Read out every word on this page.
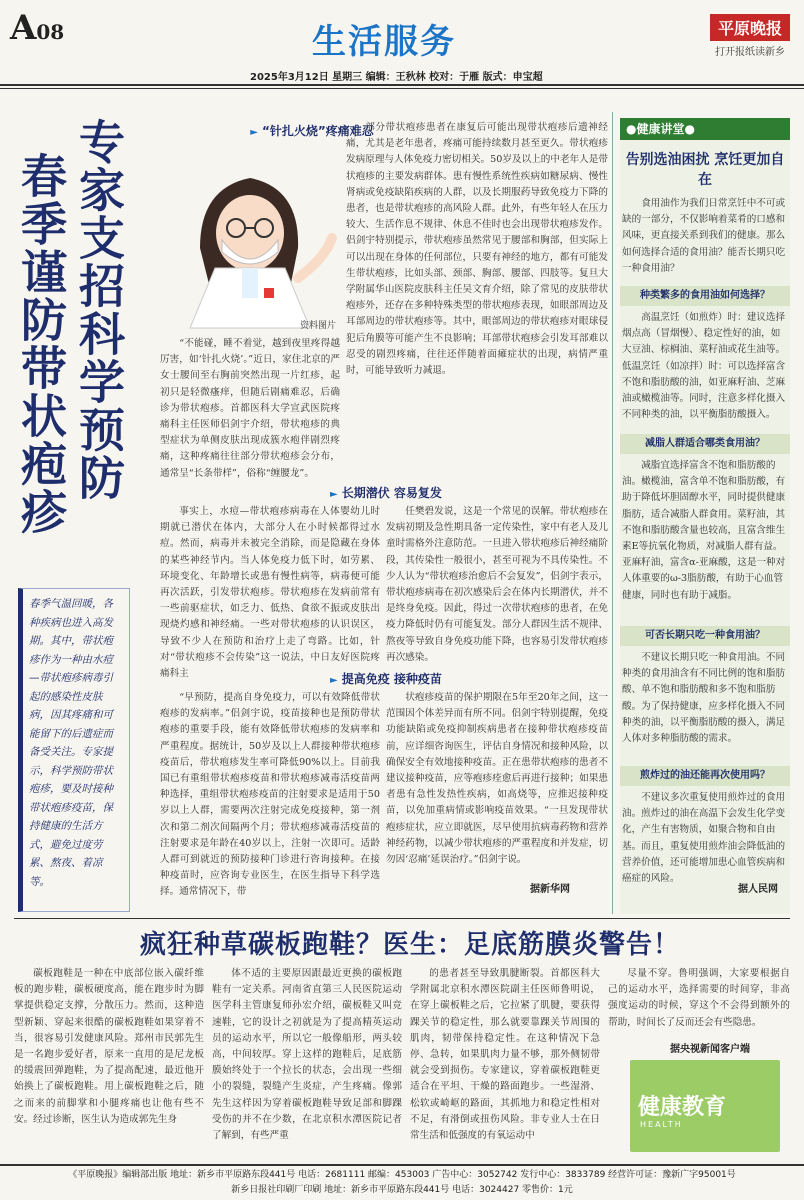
A08	生活服务	平原晚报
打开报纸读新乡
2025年3月12日 星期三 编辑：王秋林 校对：于雁 版式：申宝超
专家支招科学预防
春季谨防带状疱疹
春季气温回暖，各种疾病也进入高发期。其中，带状疱疹作为一种由水痘—带状疱疹病毒引起的感染性皮肤病，因其疼痛和可能留下的后遗症而备受关注。专家提示，科学预防带状疱疹，要及时接种带状疱疹疫苗，保持健康的生活方式，避免过度劳累、熬夜、着凉等。
► “针扎火烧”疼痛难忍
资料图片
“不能碰，睡不着觉，越到夜里疼得越厉害，如‘针扎火烧’。”近日，家住北京的严女士腰间至右胸前突然出现一片红疹，起初只是轻微瘙痒，但随后剧痛难忍，后确诊为带状疱疹。首都医科大学宣武医院疼痛科主任医师侣剑宇介绍，带状疱疹的典型症状为单侧皮肤出现成簇水疱伴剧烈疼痛，这种疼痛往往部分带状疱疹会分布，通常呈“长条带样”，俗称“缠腰龙”。
部分带状疱疹患者在康复后可能出现带状疱疹后遗神经痛，尤其是老年患者，疼痛可能持续数月甚至更久。带状疱疹发病原理与人体免疫力密切相关。50岁及以上的中老年人是带状疱疹的主要发病群体。患有慢性系统性疾病如糖尿病、慢性肾病或免疫缺陷疾病的人群，以及长期服药导致免疫力下降的患者，也是带状疱疹的高风险人群。此外，有些年轻人在压力较大、生活作息不规律、休息不佳时也会出现带状疱疹发作。侣剑宇特别提示，带状疱疹虽然常见于腰部和胸部，但实际上可以出现在身体的任何部位，只要有神经的地方，都有可能发生带状疱疹，比如头部、颈部、胸部、腰部、四肢等。复旦大学附属华山医院皮肤科主任吴文育介绍，除了常见的皮肤带状疱疹外，还存在多种特殊类型的带状疱疹表现，如眼部周边及耳部周边的带状疱疹等。其中，眼部周边的带状疱疹对眼球侵犯后角膜等可能产生不良影响；耳部带状疱疹会引发耳部难以忍受的剧烈疼痛，往往还伴随着面瘫症状的出现，病情严重时，可能导致听力减退。
► 长期潜伏 容易复发
事实上，水痘—带状疱疹病毒在人体婴幼儿时期就已潜伏在体内，大部分人在小时候都得过水痘。然而，病毒并未被完全消除，而是隐藏在身体的某些神经节内。当人体免疫力低下时，如劳累、环境变化、年龄增长或患有慢性病等，病毒便可能再次活跃，引发带状疱疹。带状疱疹在发病前常有一些前驱症状，如乏力、低热、食欲不振或皮肤出现烧灼感和神经痛。一些对带状疱疹的认识误区，导致不少人在预防和治疗上走了弯路。比如，针对“带状疱疹不会传染”这一说法，中日友好医院疼痛科主
任樊碧发说，这是一个常见的误解。带状疱疹在发病初期及急性期具备一定传染性，家中有老人及儿童时需格外注意防范。一旦进入带状疱疹后神经痛阶段，其传染性一般很小，甚至可视为不具传染性。不少人认为“带状疱疹治愈后不会复发”，侣剑宇表示，带状疱疹病毒在初次感染后会在体内长期潜伏，并不是终身免疫。因此，得过一次带状疱疹的患者，在免疫力降低时仍有可能复发。部分人群因生活不规律、熬夜等导致自身免疫功能下降，也容易引发带状疱疹再次感染。
► 提高免疫 接种疫苗
“早预防，提高自身免疫力，可以有效降低带状疱疹的发病率。”侣剑宇说，疫苗接种也是预防带状疱疹的重要手段，能有效降低带状疱疹的发病率和严重程度。据统计，50岁及以上人群接种带状疱疹疫苗后，带状疱疹发生率可降低90%以上。目前我国已有重组带状疱疹疫苗和带状疱疹减毒活疫苗两种选择，重组带状疱疹疫苗的注射要求是适用于50岁以上人群，需要两次注射完成免疫接种，第一剂次和第二剂次间隔两个月；带状疱疹减毒活疫苗的注射要求是年龄在40岁以上，注射一次即可。适龄人群可到就近的预防接种门诊进行咨询接种。在接种疫苗时，应咨询专业医生，在医生指导下科学选择。通常情况下，带
状疱疹疫苗的保护期限在5年至20年之间，这一范围因个体差异而有所不同。侣剑宇特别提醒，免疫功能缺陷或免疫抑制疾病患者在接种带状疱疹疫苗前，应详细咨询医生，评估自身情况和接种风险，以确保安全有效地接种疫苗。正在患带状疱疹的患者不建议接种疫苗，应等疱疹痊愈后再进行接种；如果患者患有急性发热性疾病，如高烧等，应推迟接种疫苗，以免加重病情或影响疫苗效果。“一旦发现带状疱疹症状，应立即就医，尽早使用抗病毒药物和营养神经药物，以减少带状疱疹的严重程度和并发症，切勿因‘忍痛’延误治疗。”侣剑宇说。
据新华网
●健康讲堂●
告别选油困扰 烹饪更加自在
食用油作为我们日常烹饪中不可或缺的一部分，不仅影响着菜肴的口感和风味，更直接关系到我们的健康。那么如何选择合适的食用油？能否长期只吃一种食用油？
种类繁多的食用油如何选择？
高温烹饪（如煎炸）时：建议选择烟点高（冒烟慢）、稳定性好的油，如大豆油、棕榈油、菜籽油或花生油等。低温烹饪（如凉拌）时：可以选择富含不饱和脂肪酸的油，如亚麻籽油、芝麻油或橄榄油等。同时，注意多样化摄入不同种类的油，以平衡脂肪酸摄入。
减脂人群适合哪类食用油？
减脂宜选择富含不饱和脂肪酸的油。橄榄油，富含单不饱和脂肪酸，有助于降低坏胆固醇水平，同时提供健康脂肪，适合减脂人群食用。菜籽油，其不饱和脂肪酸含量也较高，且富含维生素E等抗氧化物质，对减脂人群有益。亚麻籽油，富含α-亚麻酸，这是一种对人体重要的ω-3脂肪酸，有助于心血管健康，同时也有助于减脂。
可否长期只吃一种食用油？
不建议长期只吃一种食用油。不同种类的食用油含有不同比例的饱和脂肪酸、单不饱和脂肪酸和多不饱和脂肪酸。为了保持健康，应多样化摄入不同种类的油，以平衡脂肪酸的摄入，满足人体对多种脂肪酸的需求。
煎炸过的油还能再次使用吗？
不建议多次重复使用煎炸过的食用油。煎炸过的油在高温下会发生化学变化，产生有害物质，如聚合物和自由基。而且，重复使用煎炸油会降低油的营养价值，还可能增加患心血管疾病和癌症的风险。
据人民网
疯狂种草碳板跑鞋？医生：足底筋膜炎警告！
碳板跑鞋是一种在中底部位嵌入碳纤维板的跑步鞋，碳板硬度高，能在跑步时为脚掌提供稳定支撑，分散压力。然而，这种造型新颖、穿起来很酷的碳板跑鞋如果穿着不当，很容易引发健康风险。郑州市民郭先生是一名跑步爱好者，原来一直用的是尼龙板的缓震回弹跑鞋，为了提高配速，最近他开始换上了碳板跑鞋。用上碳板跑鞋之后，随之而来的前脚掌和小腿疼痛也让他有些不安。经过诊断，医生认为造成郭先生身
体不适的主要原因跟最近更换的碳板跑鞋有一定关系。河南省直第三人民医院运动医学科主管康复师孙宏介绍，碳板鞋又叫竞速鞋，它的设计之初就是为了提高精英运动员的运动水平，所以它一般像船形，两头较高，中间较厚。穿上这样的跑鞋后，足底筋膜始终处于一个拉长的状态，会出现一些细小的裂缝，裂缝产生炎症，产生疼痛。像郭先生这样因为穿着碳板跑鞋导致足部和脚踝受伤的并不在少数，在北京积水潭医院记者了解到，有些严重
的患者甚至导致肌腱断裂。首都医科大学附属北京积水潭医院副主任医师鲁明说，在穿上碳板鞋之后，它拉紧了肌腱，要获得踝关节的稳定性，那么就要靠踝关节周围的肌肉，韧带保持稳定性。在这种情况下急停、急转，如果肌肉力量不够，那外侧韧带就会受到损伤。专家建议，穿着碳板跑鞋更适合在平坦、干燥的路面跑步。一些湿滑、松软或崎岖的路面，其抓地力和稳定性相对不足，有滑倒或扭伤风险。非专业人士在日常生活和低强度的有氧运动中
尽量不穿。鲁明强调，大家要根据自己的运动水平，选择需要的时间穿，非高强度运动的时候，穿这个不会得到额外的帮助，时间长了反而还会有些隐患。
据央视新闻客户端
健康教育
HEALTH
《平原晚报》编辑部出版 地址：新乡市平原路东段441号 电话：2681111 邮编：453003 广告中心：3052742 发行中心：3833789 经营许可证：豫新广字95001号
新乡日报社印刷厂印刷 地址：新乡市平原路东段441号 电话：3024427 零售价：1元
